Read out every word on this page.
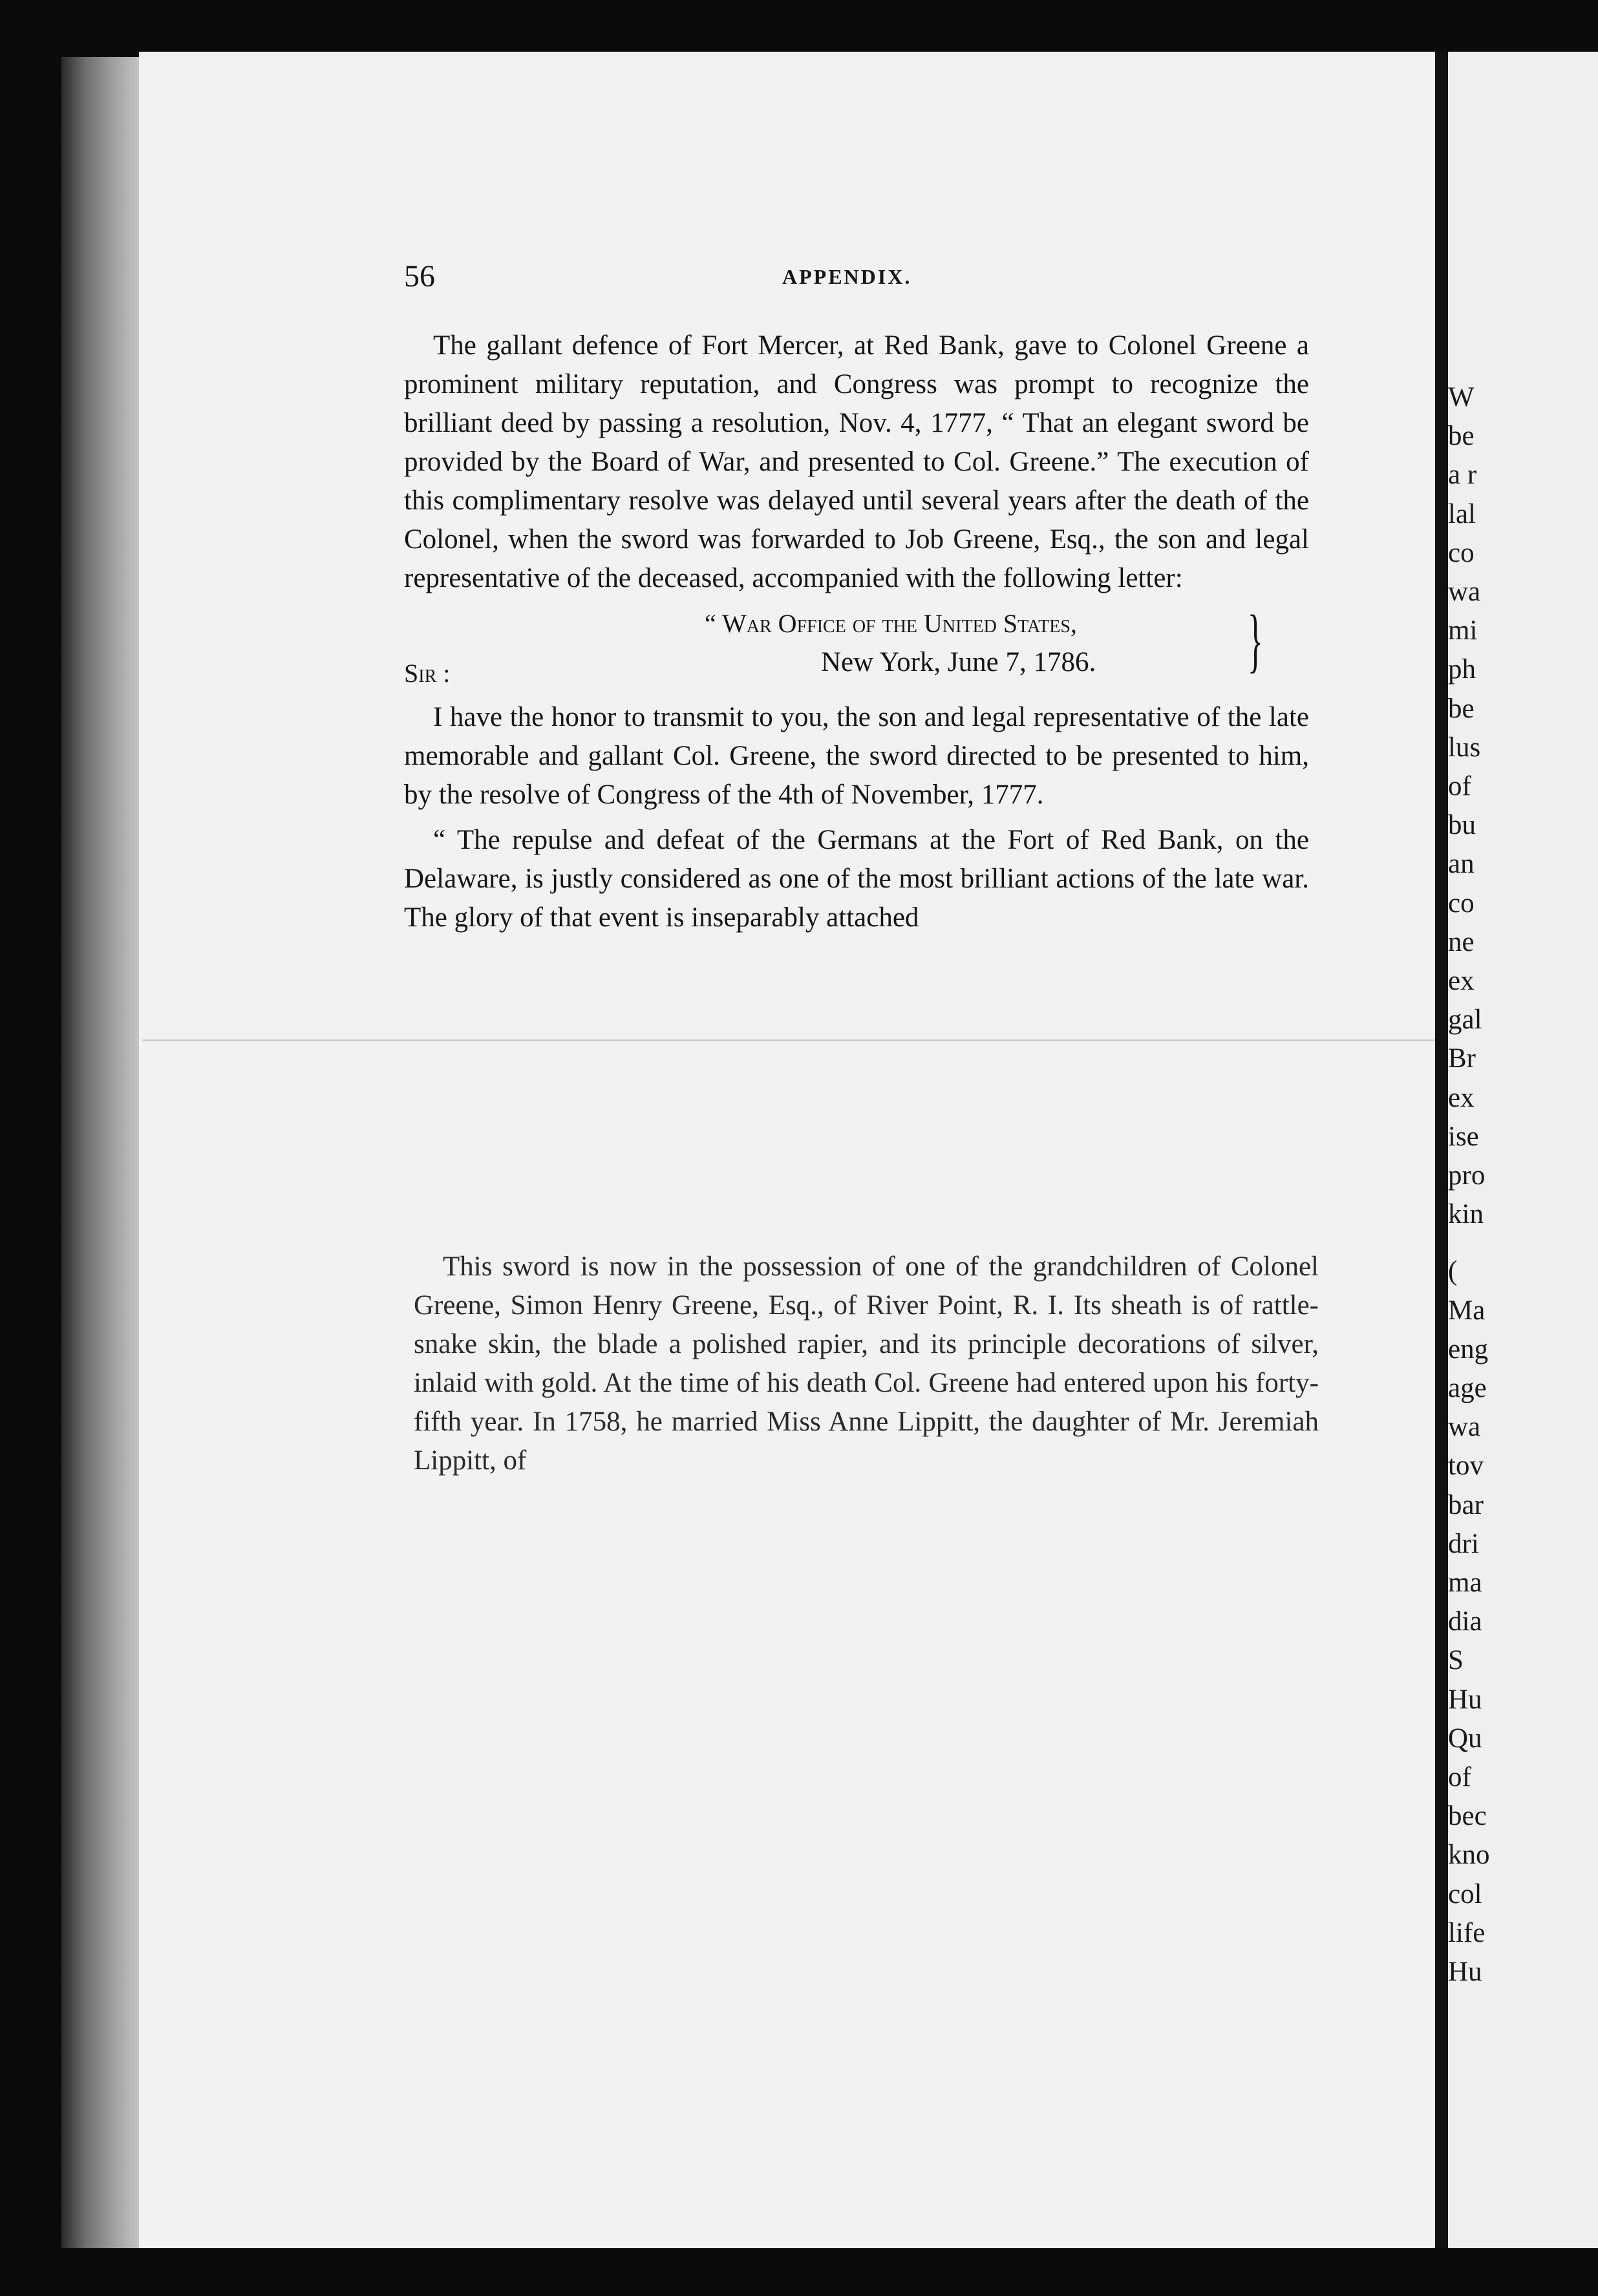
W
be
a r
lal
co
wa
mi
ph
be
lus
of
bu
an
co
ne
ex
gal
Br
ex
ise
pro
kin
(
Ma
eng
age
wa
tov
bar
dri
ma
dia
S
Hu
Qu
of
bec
kno
col
life
Hu
56	APPENDIX.

The gallant defence of Fort Mercer, at Red Bank, gave to Colonel Greene a prominent military reputation, and Congress was prompt to recognize the brilliant deed by passing a resolution, Nov. 4, 1777, “ That an elegant sword be provided by the Board of War, and presented to Col. Greene.” The execution of this complimentary resolve was delayed until several years after the death of the Colonel, when the sword was forwarded to Job Greene, Esq., the son and legal representative of the deceased, accompanied with the following letter:

“ War Office of the United States,
New York, June 7, 1786. }
Sir :

I have the honor to transmit to you, the son and legal representative of the late memorable and gallant Col. Greene, the sword directed to be presented to him, by the resolve of Congress of the 4th of November, 1777.

“ The repulse and defeat of the Germans at the Fort of Red Bank, on the Delaware, is justly considered as one of the most brilliant actions of the late war. The glory of that event is inseparably attached

This sword is now in the possession of one of the grandchildren of Colonel Greene, Simon Henry Greene, Esq., of River Point, R. I. Its sheath is of rattle-snake skin, the blade a polished rapier, and its principle decorations of silver, inlaid with gold. At the time of his death Col. Greene had entered upon his forty-fifth year. In 1758, he married Miss Anne Lippitt, the daughter of Mr. Jeremiah Lippitt, of
